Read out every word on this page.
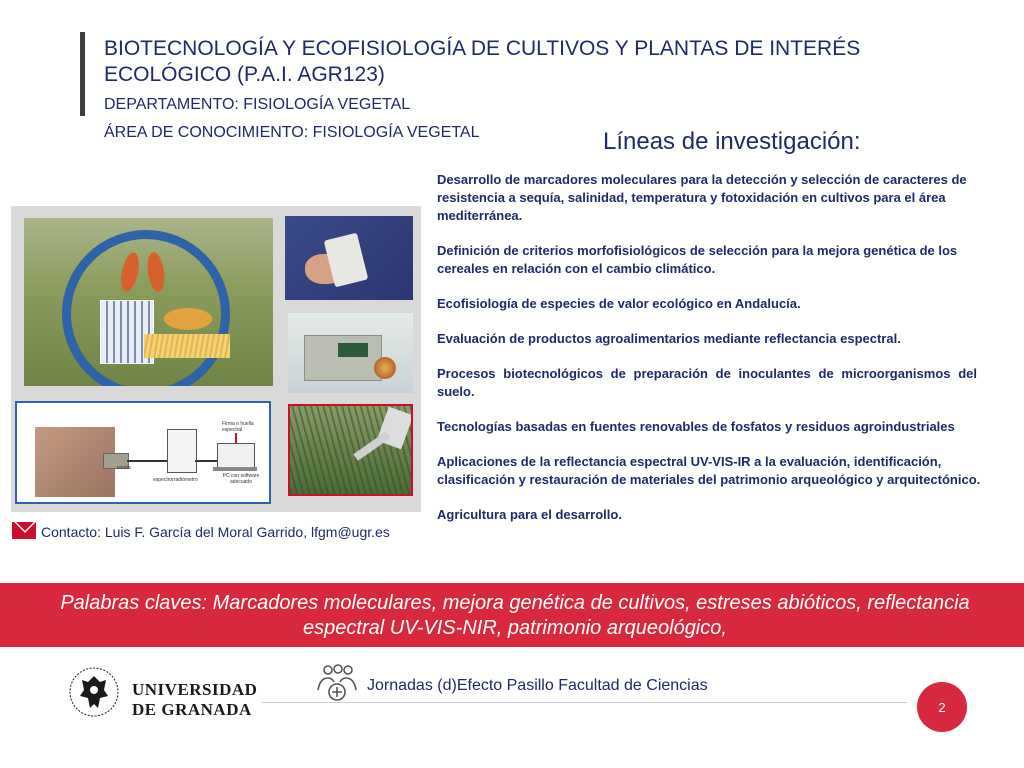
BIOTECNOLOGÍA Y ECOFISIOLOGÍA DE CULTIVOS Y PLANTAS DE INTERÉS ECOLÓGICO (P.A.I. AGR123)
DEPARTAMENTO: FISIOLOGÍA VEGETAL
ÁREA DE CONOCIMIENTO: FISIOLOGÍA VEGETAL	Líneas de investigación:
sonda
espectrorradiómetro
Firma o huella espectral
PC con software adecuado
Contacto: Luis F. García del Moral Garrido, lfgm@ugr.es

Desarrollo de marcadores moleculares para la detección y selección de caracteres de resistencia a sequía, salinidad, temperatura y fotoxidación en cultivos para el área mediterránea.

Definición de criterios morfofisiológicos de selección para la mejora genética de los cereales en relación con el cambio climático.

Ecofisiología de especies de valor ecológico en Andalucía.

Evaluación de productos agroalimentarios mediante reflectancia espectral.

Procesos biotecnológicos de preparación de inoculantes de microorganismos del suelo.

Tecnologías basadas en fuentes renovables de fosfatos y residuos agroindustriales

Aplicaciones de la reflectancia espectral UV-VIS-IR a la evaluación, identificación, clasificación y restauración de materiales del patrimonio arqueológico y arquitectónico.

Agricultura para el desarrollo.

Palabras claves: Marcadores moleculares, mejora genética de cultivos, estreses abióticos, reflectancia espectral UV-VIS-NIR, patrimonio arqueológico,
UNIVERSIDAD
DE GRANADA
Jornadas (d)Efecto Pasillo Facultad de Ciencias
2
